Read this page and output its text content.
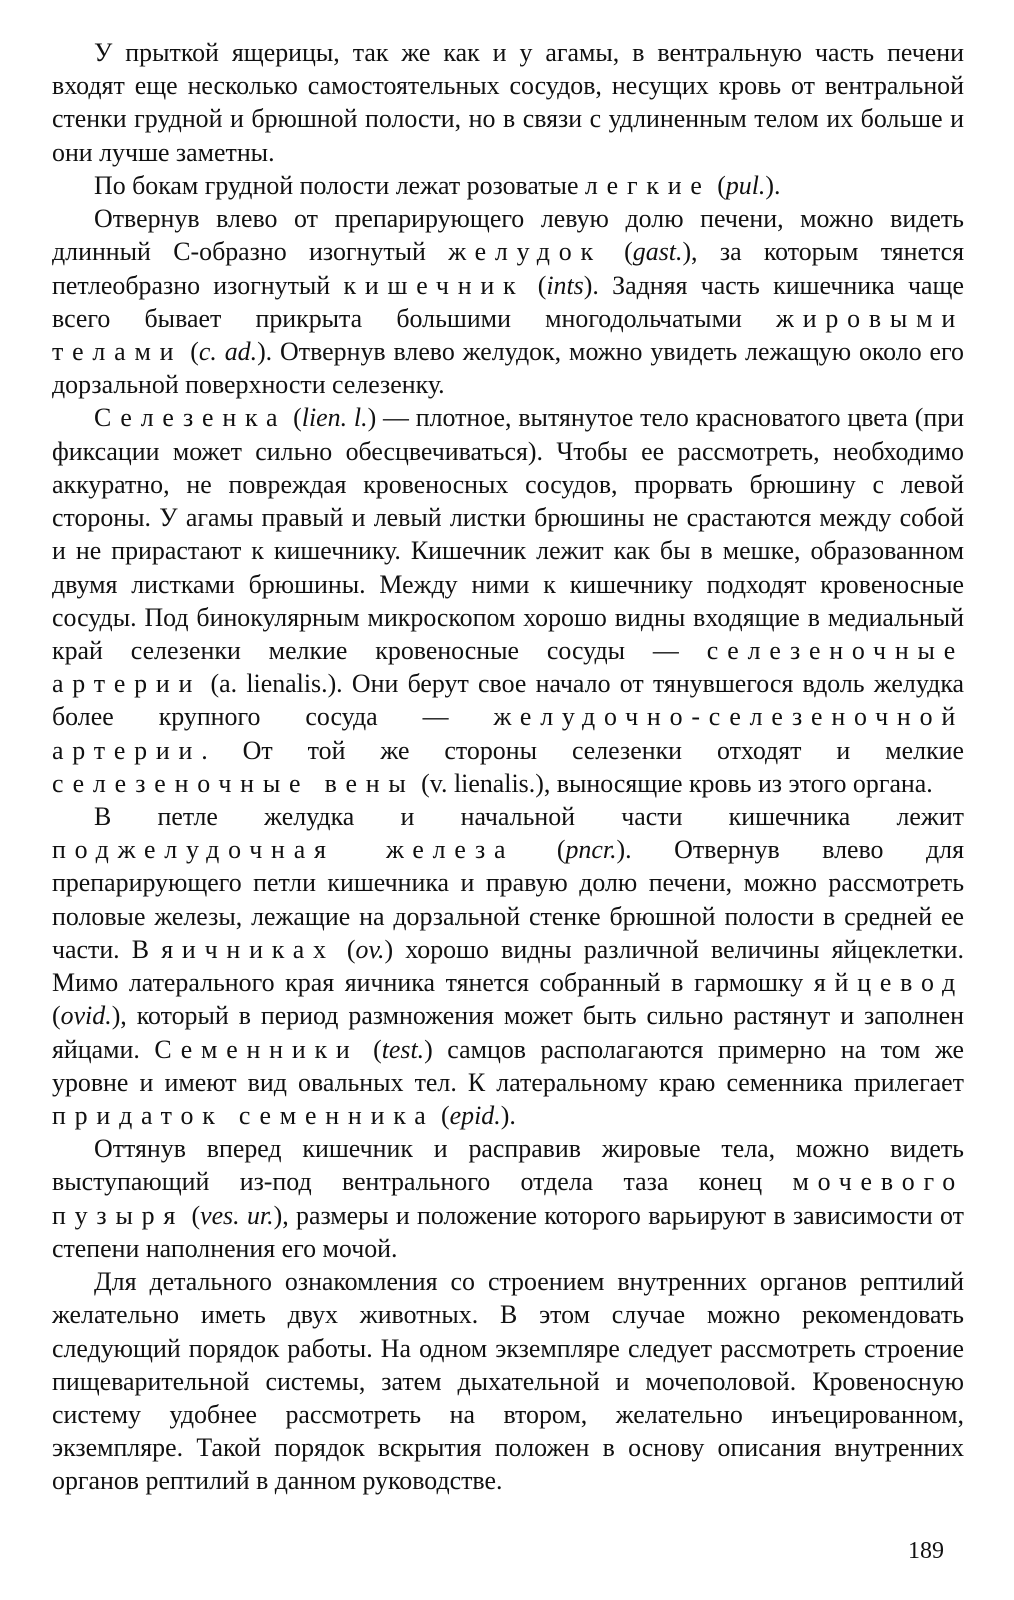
У прыткой ящерицы, так же как и у агамы, в вентральную часть печени входят еще несколько самостоятельных сосудов, несущих кровь от вентральной стенки грудной и брюшной полости, но в связи с удлиненным телом их больше и они лучше заметны.

По бокам грудной полости лежат розоватые легкие (pul.).

Отвернув влево от препарирующего левую долю печени, можно видеть длинный С-образно изогнутый желудок (gast.), за которым тянется петлеобразно изогнутый кишечник (ints). Задняя часть кишечника чаще всего бывает прикрыта большими многодольчатыми жировыми телами (c. ad.). Отвернув влево желудок, можно увидеть лежащую около его дорзальной поверхности селезенку.

Селезенка (lien. l.) — плотное, вытянутое тело красноватого цвета (при фиксации может сильно обесцвечиваться). Чтобы ее рассмотреть, необходимо аккуратно, не повреждая кровеносных сосудов, прорвать брюшину с левой стороны. У агамы правый и левый листки брюшины не срастаются между собой и не прирастают к кишечнику. Кишечник лежит как бы в мешке, образованном двумя листками брюшины. Между ними к кишечнику подходят кровеносные сосуды. Под бинокулярным микроскопом хорошо видны входящие в медиальный край селезенки мелкие кровеносные сосуды — селезеночные артерии (a. lienalis.). Они берут свое начало от тянувшегося вдоль желудка более крупного сосуда — желудочно-селезеночной артерии. От той же стороны селезенки отходят и мелкие селезеночные вены (v. lienalis.), выносящие кровь из этого органа.

В петле желудка и начальной части кишечника лежит поджелудочная железа (pncr.). Отвернув влево для препарирующего петли кишечника и правую долю печени, можно рассмотреть половые железы, лежащие на дорзальной стенке брюшной полости в средней ее части. В яичниках (ov.) хорошо видны различной величины яйцеклетки. Мимо латерального края яичника тянется собранный в гармошку яйцевод (ovid.), который в период размножения может быть сильно растянут и заполнен яйцами. Семенники (test.) самцов располагаются примерно на том же уровне и имеют вид овальных тел. К латеральному краю семенника прилегает придаток семенника (epid.).

Оттянув вперед кишечник и расправив жировые тела, можно видеть выступающий из-под вентрального отдела таза конец мочевого пузыря (ves. ur.), размеры и положение которого варьируют в зависимости от степени наполнения его мочой.

Для детального ознакомления со строением внутренних органов рептилий желательно иметь двух животных. В этом случае можно рекомендовать следующий порядок работы. На одном экземпляре следует рассмотреть строение пищеварительной системы, затем дыхательной и мочеполовой. Кровеносную систему удобнее рассмотреть на втором, желательно инъецированном, экземпляре. Такой порядок вскрытия положен в основу описания внутренних органов рептилий в данном руководстве.

189
